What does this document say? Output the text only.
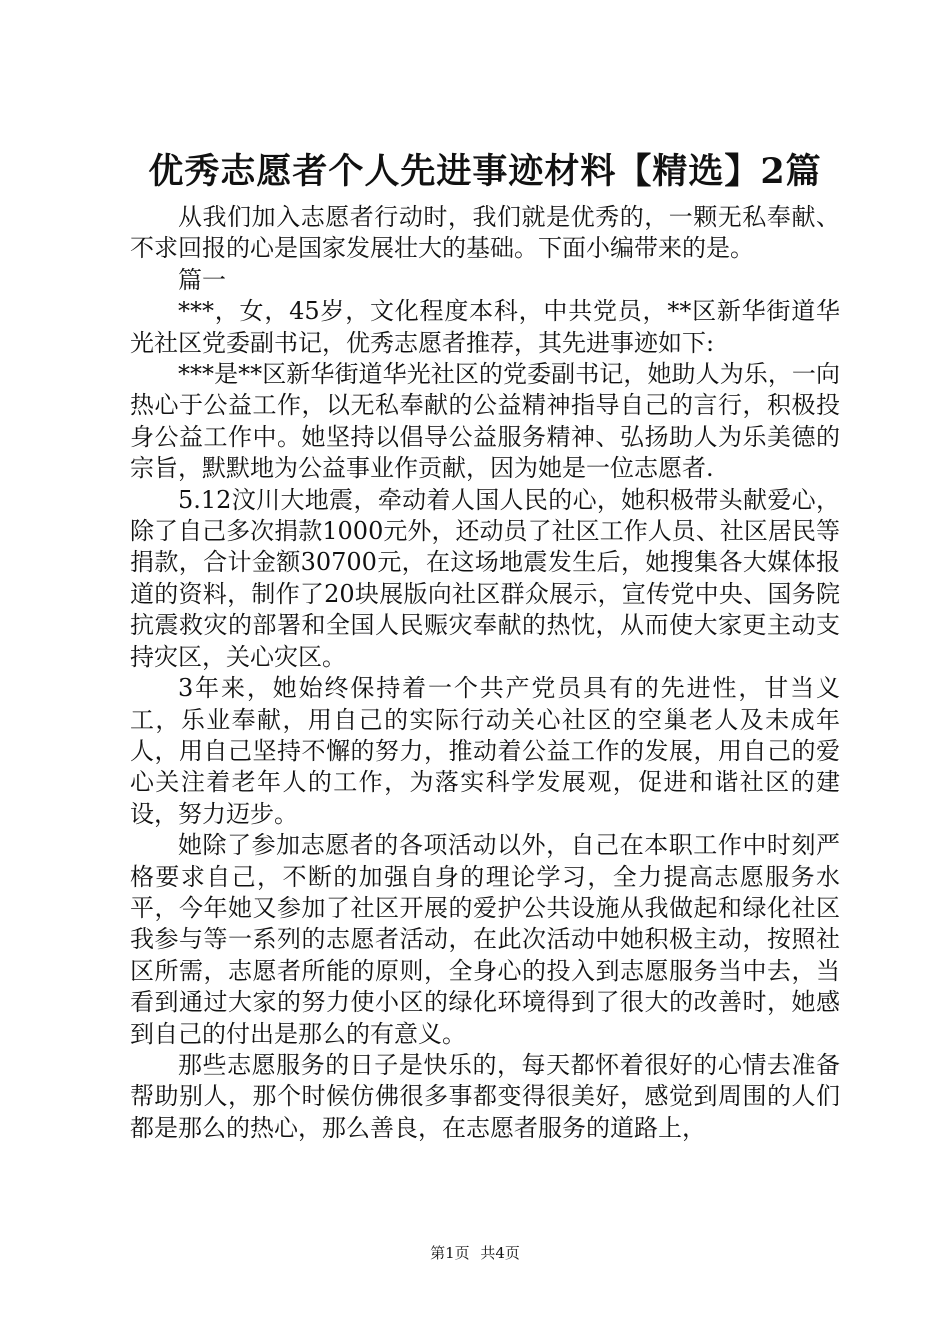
优秀志愿者个人先进事迹材料【精选】2篇

从我们加入志愿者行动时，我们就是优秀的，一颗无私奉献、不求回报的心是国家发展壮大的基础。下面小编带来的是。

篇一

***，女，45岁，文化程度本科，中共党员，**区新华街道华光社区党委副书记，优秀志愿者推荐，其先进事迹如下:

***是**区新华街道华光社区的党委副书记，她助人为乐，一向热心于公益工作，以无私奉献的公益精神指导自己的言行，积极投身公益工作中。她坚持以倡导公益服务精神、弘扬助人为乐美德的宗旨，默默地为公益事业作贡献，因为她是一位志愿者.

5.12汶川大地震，牵动着人国人民的心，她积极带头献爱心，除了自己多次捐款1000元外，还动员了社区工作人员、社区居民等捐款，合计金额30700元，在这场地震发生后，她搜集各大媒体报道的资料，制作了20块展版向社区群众展示，宣传党中央、国务院抗震救灾的部署和全国人民赈灾奉献的热忱，从而使大家更主动支持灾区，关心灾区。

3年来，她始终保持着一个共产党员具有的先进性，甘当义工，乐业奉献，用自己的实际行动关心社区的空巢老人及未成年人，用自己坚持不懈的努力，推动着公益工作的发展，用自己的爱心关注着老年人的工作，为落实科学发展观，促进和谐社区的建设，努力迈步。

她除了参加志愿者的各项活动以外，自己在本职工作中时刻严格要求自己，不断的加强自身的理论学习，全力提高志愿服务水平，今年她又参加了社区开展的爱护公共设施从我做起和绿化社区我参与等一系列的志愿者活动，在此次活动中她积极主动，按照社区所需，志愿者所能的原则，全身心的投入到志愿服务当中去，当看到通过大家的努力使小区的绿化环境得到了很大的改善时，她感到自己的付出是那么的有意义。

那些志愿服务的日子是快乐的，每天都怀着很好的心情去准备帮助别人，那个时候仿佛很多事都变得很美好，感觉到周围的人们都是那么的热心，那么善良，在志愿者服务的道路上，

第1页 共4页
